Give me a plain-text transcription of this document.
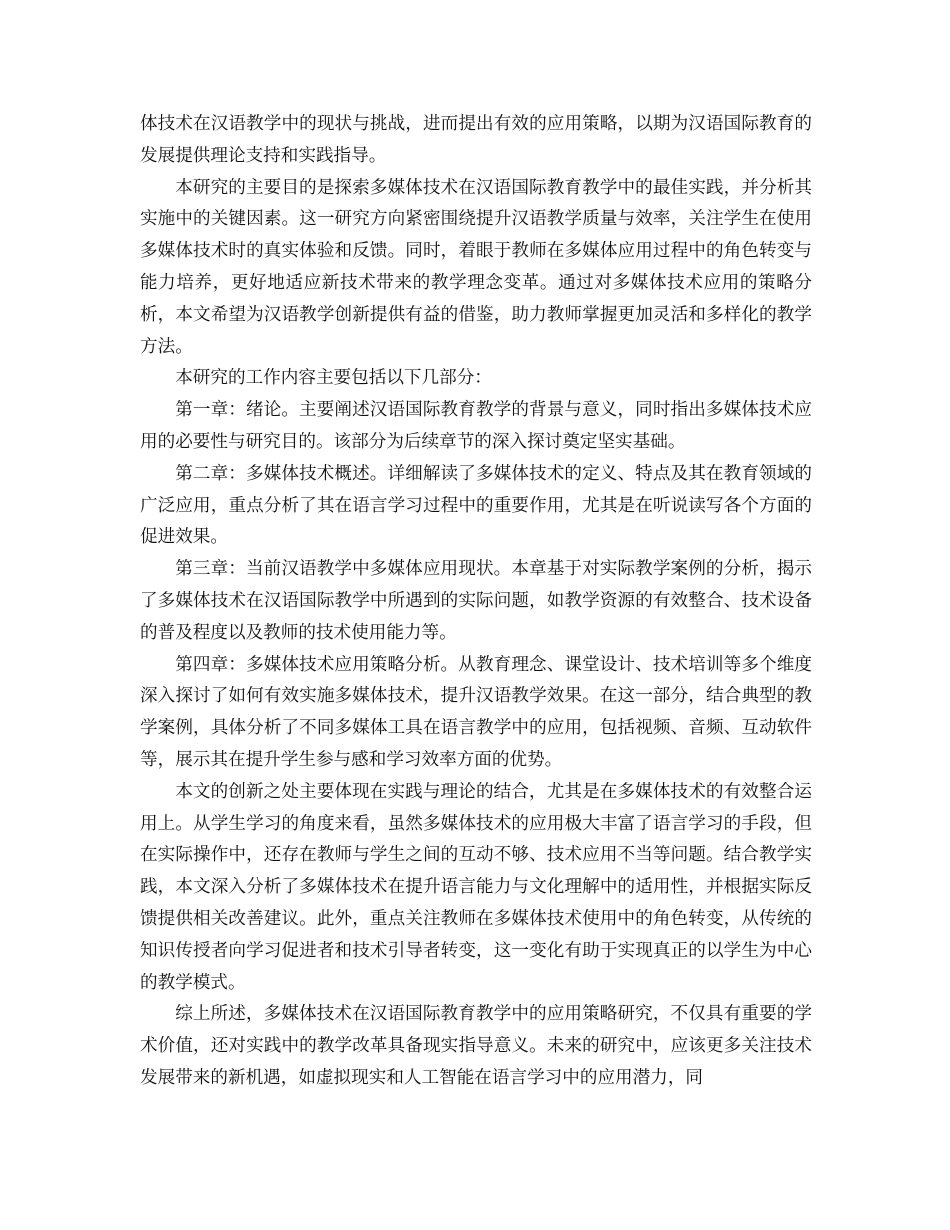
体技术在汉语教学中的现状与挑战，进而提出有效的应用策略，以期为汉语国际教育的发展提供理论支持和实践指导。

本研究的主要目的是探索多媒体技术在汉语国际教育教学中的最佳实践，并分析其实施中的关键因素。这一研究方向紧密围绕提升汉语教学质量与效率，关注学生在使用多媒体技术时的真实体验和反馈。同时，着眼于教师在多媒体应用过程中的角色转变与能力培养，更好地适应新技术带来的教学理念变革。通过对多媒体技术应用的策略分析，本文希望为汉语教学创新提供有益的借鉴，助力教师掌握更加灵活和多样化的教学方法。

本研究的工作内容主要包括以下几部分：

第一章：绪论。主要阐述汉语国际教育教学的背景与意义，同时指出多媒体技术应用的必要性与研究目的。该部分为后续章节的深入探讨奠定坚实基础。

第二章：多媒体技术概述。详细解读了多媒体技术的定义、特点及其在教育领域的广泛应用，重点分析了其在语言学习过程中的重要作用，尤其是在听说读写各个方面的促进效果。

第三章：当前汉语教学中多媒体应用现状。本章基于对实际教学案例的分析，揭示了多媒体技术在汉语国际教学中所遇到的实际问题，如教学资源的有效整合、技术设备的普及程度以及教师的技术使用能力等。

第四章：多媒体技术应用策略分析。从教育理念、课堂设计、技术培训等多个维度深入探讨了如何有效实施多媒体技术，提升汉语教学效果。在这一部分，结合典型的教学案例，具体分析了不同多媒体工具在语言教学中的应用，包括视频、音频、互动软件等，展示其在提升学生参与感和学习效率方面的优势。

本文的创新之处主要体现在实践与理论的结合，尤其是在多媒体技术的有效整合运用上。从学生学习的角度来看，虽然多媒体技术的应用极大丰富了语言学习的手段，但在实际操作中，还存在教师与学生之间的互动不够、技术应用不当等问题。结合教学实践，本文深入分析了多媒体技术在提升语言能力与文化理解中的适用性，并根据实际反馈提供相关改善建议。此外，重点关注教师在多媒体技术使用中的角色转变，从传统的知识传授者向学习促进者和技术引导者转变，这一变化有助于实现真正的以学生为中心的教学模式。

综上所述，多媒体技术在汉语国际教育教学中的应用策略研究，不仅具有重要的学术价值，还对实践中的教学改革具备现实指导意义。未来的研究中，应该更多关注技术发展带来的新机遇，如虚拟现实和人工智能在语言学习中的应用潜力，同
